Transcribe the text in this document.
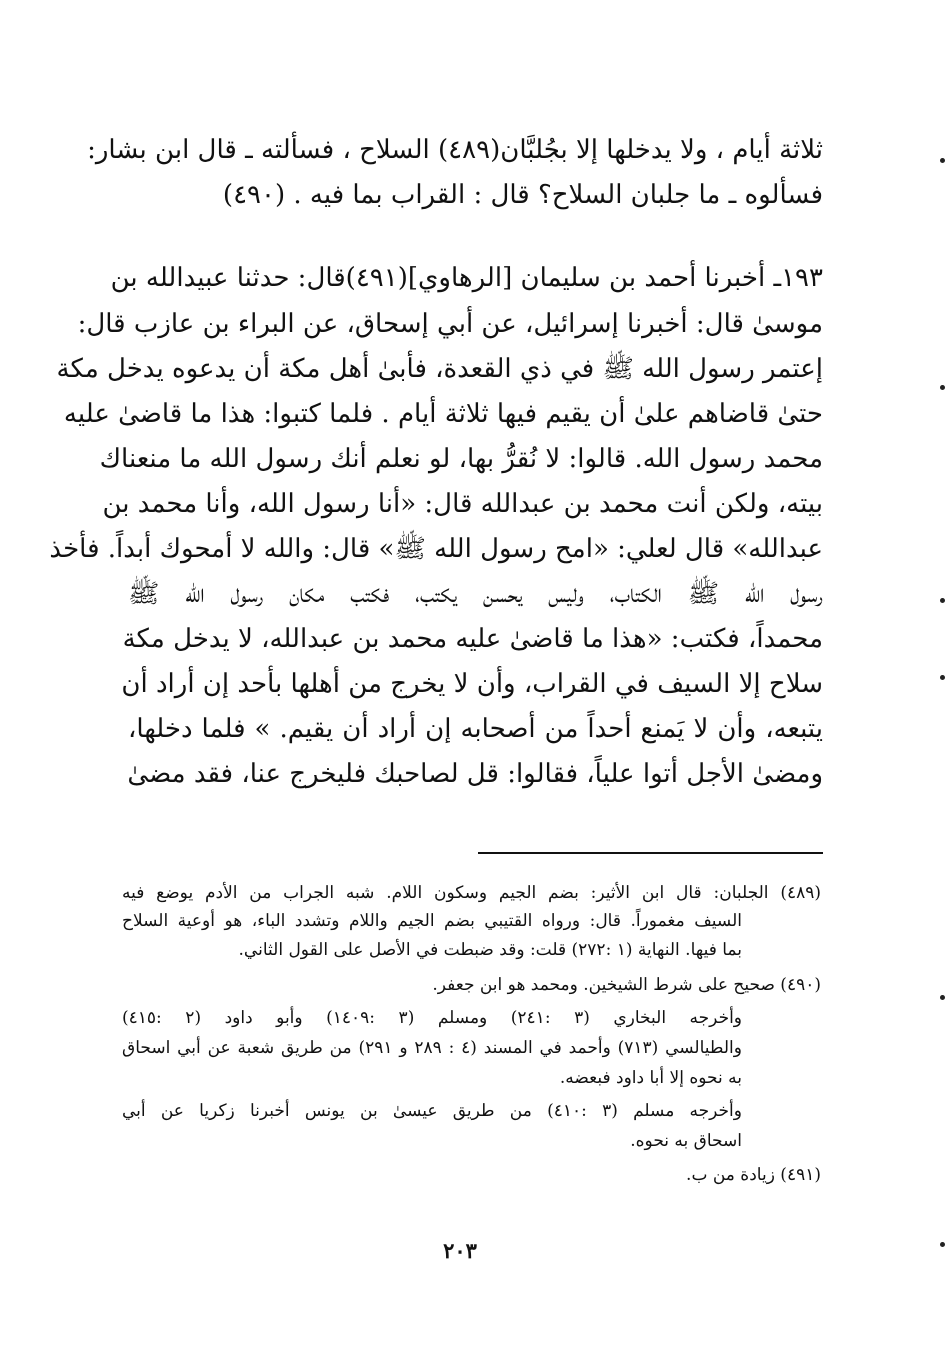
ثلاثة أيام ، ولا يدخلها إلا بجُلبَّان(٤٨٩) السلاح ، فسألته ـ قال ابن بشار:
فسألوه ـ ما جلبان السلاح؟ قال : القراب بما فيه . (٤٩٠)
١٩٣ـ أخبرنا أحمد بن سليمان [الرهاوي](٤٩١)قال: حدثنا عبيدالله بن
موسىٰ قال: أخبرنا إسرائيل، عن أبي إسحاق، عن البراء بن عازب قال:
إعتمر رسول الله ﷺ في ذي القعدة، فأبىٰ أهل مكة أن يدعوه يدخل مكة
حتىٰ قاضاهم علىٰ أن يقيم فيها ثلاثة أيام . فلما كتبوا: هذا ما قاضىٰ عليه
محمد رسول الله. قالوا: لا نُقرُّ بها، لو نعلم أنك رسول الله ما منعناك
بيته، ولكن أنت محمد بن عبدالله قال: «أنا رسول الله، وأنا محمد بن
عبدالله» قال لعلي: «امح رسول الله ﷺ» قال: والله لا أمحوك أبداً. فأخذ
رسول الله ﷺ الكتاب، وليس يحسن يكتب، فكتب مكان رسول الله ﷺ
محمداً، فكتب: «هذا ما قاضىٰ عليه محمد بن عبدالله، لا يدخل مكة
سلاح إلا السيف في القراب، وأن لا يخرج من أهلها بأحد إن أراد أن
يتبعه، وأن لا يَمنع أحداً من أصحابه إن أراد أن يقيم. » فلما دخلها،
ومضىٰ الأجل أتوا علياً، فقالوا: قل لصاحبك فليخرج عنا، فقد مضىٰ
(٤٨٩) الجلبان: قال ابن الأثير: بضم الجيم وسكون اللام. شبه الجراب من الأدم يوضع فيه
السيف مغموراً. قال: ورواه القتيبي بضم الجيم واللام وتشدد الباء، هو أوعية السلاح
بما فيها. النهاية (١ :٢٧٢) قلت: وقد ضبطت في الأصل على القول الثاني.
(٤٩٠) صحيح على شرط الشيخين. ومحمد هو ابن جعفر.
وأخرجه البخاري (٣ :٢٤١) ومسلم (٣ :١٤٠٩) وأبو داود (٢ :٤١٥)
والطيالسي (٧١٣) وأحمد في المسند (٤ : ٢٨٩ و ٢٩١) من طريق شعبة عن أبي اسحاق
به نحوه إلا أبا داود فبعضه.
وأخرجه مسلم (٣ :٤١٠) من طريق عيسىٰ بن يونس أخبرنا زكريا عن أبي
اسحاق به نحوه.
(٤٩١) زيادة من ب.
٢٠٣
